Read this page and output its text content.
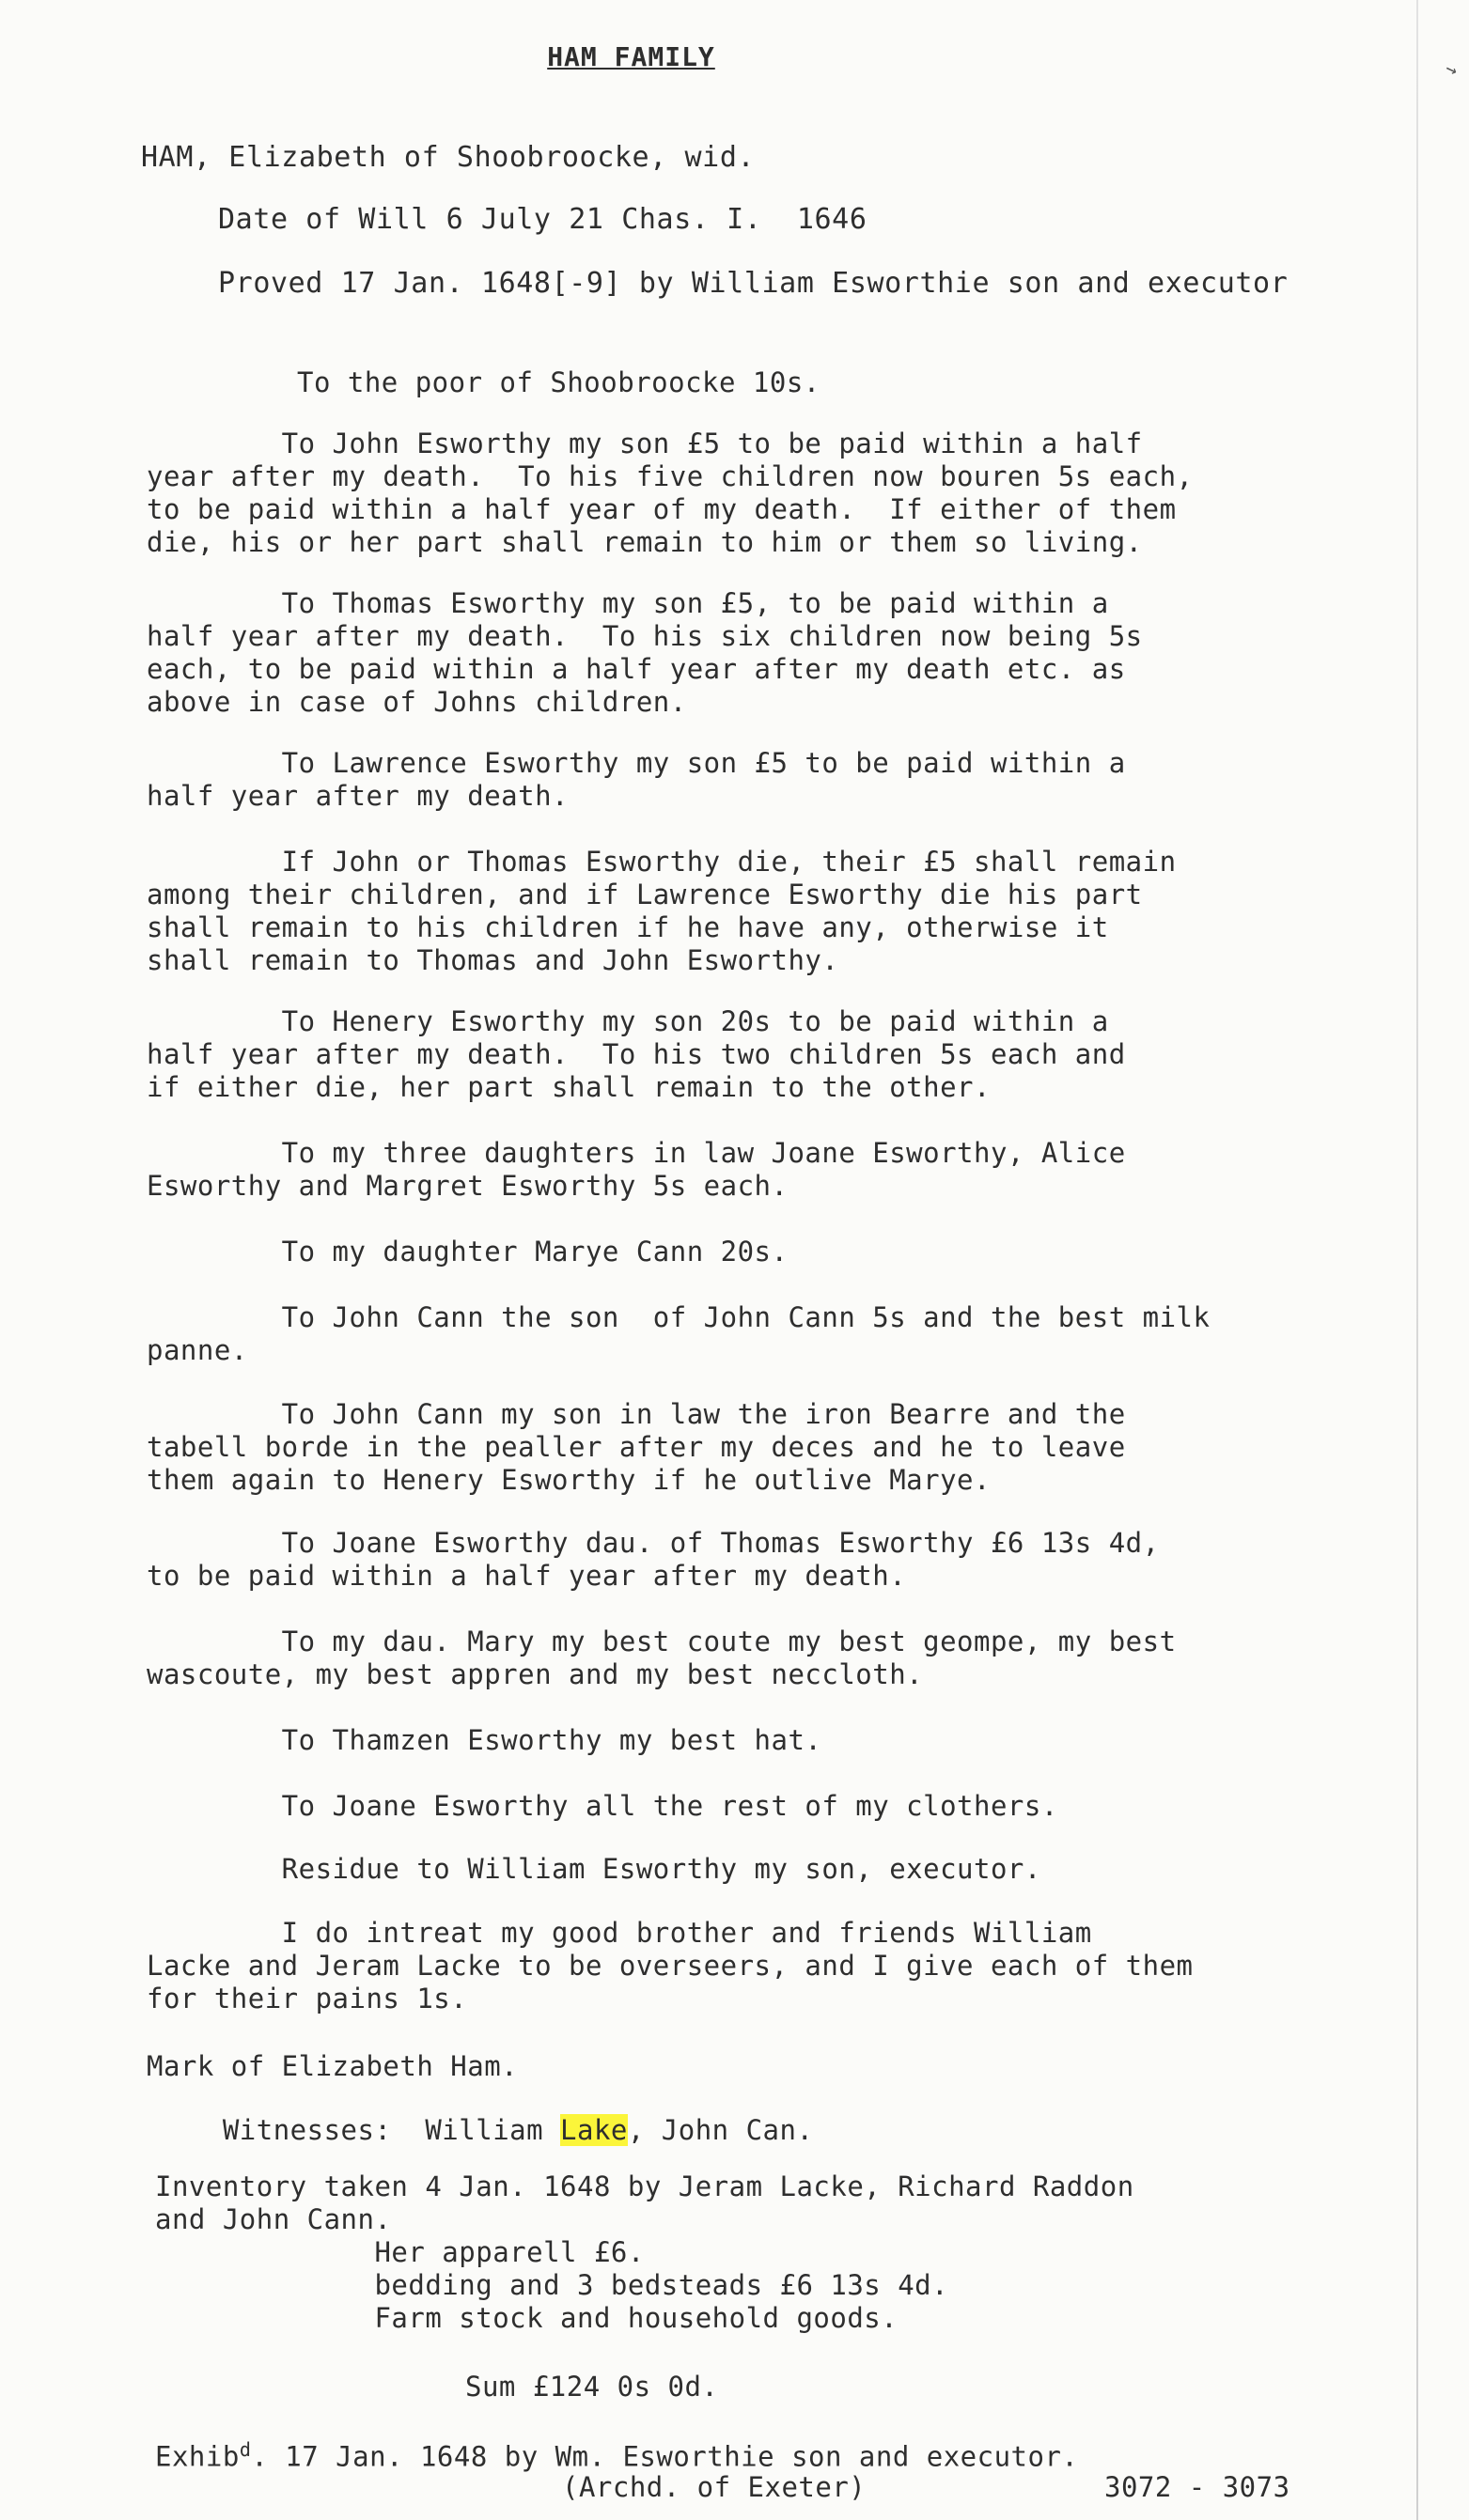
↘
HAM FAMILY
HAM, Elizabeth of Shoobroocke, wid.
Date of Will 6 July 21 Chas. I.  1646
Proved 17 Jan. 1648[-9] by William Esworthie son and executor
To the poor of Shoobroocke 10s.
To John Esworthy my son £5 to be paid within a half
year after my death.  To his five children now bouren 5s each,
to be paid within a half year of my death.  If either of them
die, his or her part shall remain to him or them so living.
To Thomas Esworthy my son £5, to be paid within a
half year after my death.  To his six children now being 5s
each, to be paid within a half year after my death etc. as
above in case of Johns children.
To Lawrence Esworthy my son £5 to be paid within a
half year after my death.
If John or Thomas Esworthy die, their £5 shall remain
among their children, and if Lawrence Esworthy die his part
shall remain to his children if he have any, otherwise it
shall remain to Thomas and John Esworthy.
To Henery Esworthy my son 20s to be paid within a
half year after my death.  To his two children 5s each and
if either die, her part shall remain to the other.
To my three daughters in law Joane Esworthy, Alice
Esworthy and Margret Esworthy 5s each.
To my daughter Marye Cann 20s.
To John Cann the son  of John Cann 5s and the best milk
panne.
To John Cann my son in law the iron Bearre and the
tabell borde in the pealler after my deces and he to leave
them again to Henery Esworthy if he outlive Marye.
To Joane Esworthy dau. of Thomas Esworthy £6 13s 4d,
to be paid within a half year after my death.
To my dau. Mary my best coute my best geompe, my best
wascoute, my best appren and my best neccloth.
To Thamzen Esworthy my best hat.
To Joane Esworthy all the rest of my clothers.
Residue to William Esworthy my son, executor.
I do intreat my good brother and friends William
Lacke and Jeram Lacke to be overseers, and I give each of them
for their pains 1s.
Mark of Elizabeth Ham.
Witnesses:  William Lake, John Can.
Inventory taken 4 Jan. 1648 by Jeram Lacke, Richard Raddon
and John Cann.
Her apparell £6.
bedding and 3 bedsteads £6 13s 4d.
Farm stock and household goods.
Sum £124 0s 0d.
Exhib$^d$. 17 Jan. 1648 by Wm. Esworthie son and executor.
(Archd. of Exeter)	3072 - 3073
